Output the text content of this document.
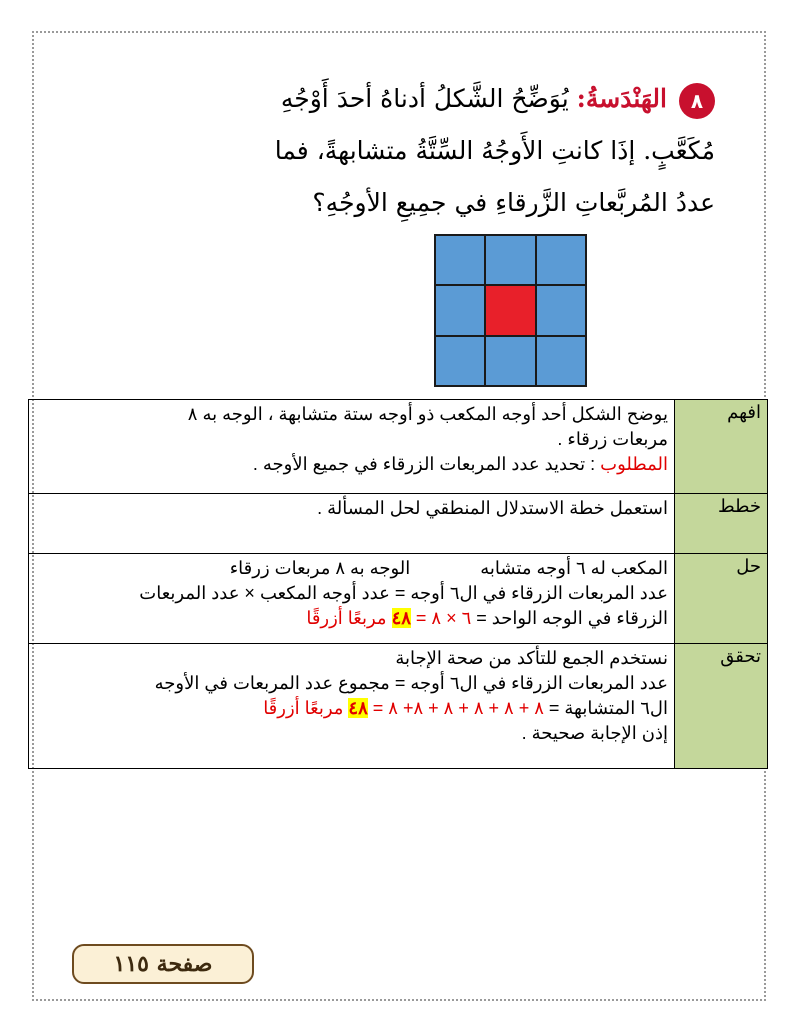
٨الهَنْدَسةُ:يُوَضِّحُ الشَّكلُ أدناهُ أحدَ أَوْجُهِ
مُكَعَّبٍ. إذَا كانتِ الأَوجُهُ السِّتَّةُ متشابهةً، فما
عددُ المُربَّعاتِ الزَّرقاءِ في جمِيعِ الأوجُهِ؟
افهم	يوضح الشكل أحد أوجه المكعب ذو أوجه ستة متشابهة ، الوجه به ٨
مربعات زرقاء .
المطلوب : تحديد عدد المربعات الزرقاء في جميع الأوجه .

خطط	استعمل خطة الاستدلال المنطقي لحل المسألة .

حل	المكعب له ٦ أوجه متشابهالوجه به ٨ مربعات زرقاء
عدد المربعات الزرقاء في ال٦ أوجه = عدد أوجه المكعب × عدد المربعات
الزرقاء في الوجه الواحد = ٦ × ٨ = ٤٨ مربعًا أزرقًا

تحقق	نستخدم الجمع للتأكد من صحة الإجابة
عدد المربعات الزرقاء في ال٦ أوجه = مجموع عدد المربعات في الأوجه
ال٦ المتشابهة = ٨ + ٨ + ٨ + ٨ + ٨+ ٨ = ٤٨ مربعًا أزرقًا
إذن الإجابة صحيحة .
صفحة ١١٥
